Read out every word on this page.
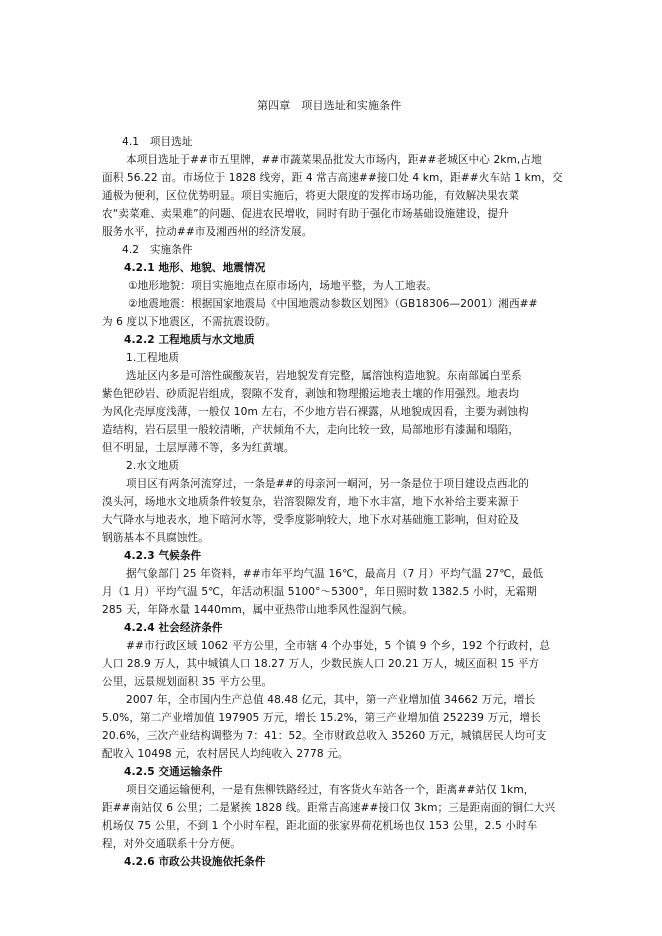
第四章　项目选址和实施条件

4.1　项目选址

本项目选址于##市五里牌，##市蔬菜果品批发大市场内，距##老城区中心 2km,占地

面积 56.22 亩。市场位于 1828 线旁，距 4 常吉高速##接口处 4 km，距##火车站 1 km，交

通极为便利，区位优势明显。项目实施后，将更大限度的发挥市场功能，有效解决果农菜

农“卖菜难、卖果难”的问题、促进农民增收，同时有助于强化市场基础设施建设，提升

服务水平，拉动##市及湘西州的经济发展。

4.2　实施条件

4.2.1 地形、地貌、地震情况

①地形地貌：项目实施地点在原市场内，场地平整，为人工地表。

②地震地震：根据国家地震局《中国地震动参数区划图》（GB18306—2001）湘西##

为 6 度以下地震区，不需抗震设防。

4.2.2 工程地质与水文地质

1.工程地质

选址区内多是可溶性碳酸灰岩，岩地貌发育完整，属溶蚀构造地貌。东南部属白垩系

紫色钯砂岩、砂质泥岩组成，裂隙不发育，剥蚀和物理搬运地表土壤的作用强烈。地表均

为风化壳厚度浅薄，一般仅 10m 左右，不少地方岩石裸露，从地貌成因看，主要为剥蚀构

造结构，岩石层里一般较清晰，产状倾角不大，走向比较一致，局部地形有漆漏和塌陷，

但不明显，土层厚薄不等，多为红黄壤。

2.水文地质

项目区有两条河流穿过，一条是##的母亲河一峒河，另一条是位于项目建设点西北的

溴头河，场地水文地质条件较复杂，岩溶裂隙发育，地下水丰富，地下水补给主要来源于

大气降水与地表水，地下暗河水等，受季度影响较大，地下水对基础施工影响，但对砼及

钢筋基本不具腐蚀性。

4.2.3 气候条件

据气象部门 25 年资料，##市年平均气温 16℃，最高月（7 月）平均气温 27℃，最低

月（1 月）平均气温 5℃，年活动积温 5100°～5300°，年日照时数 1382.5 小时，无霜期

285 天，年降水量 1440mm，属中亚热带山地季风性湿润气候。

4.2.4 社会经济条件

##市行政区域 1062 平方公里，全市辖 4 个办事处，5 个镇 9 个乡，192 个行政村，总

人口 28.9 万人，其中城镇人口 18.27 万人，少数民族人口 20.21 万人，城区面积 15 平方

公里，远景规划面积 35 平方公里。

2007 年，全市国内生产总值 48.48 亿元，其中，第一产业增加值 34662 万元，增长

5.0%，第二产业增加值 197905 万元，增长 15.2%，第三产业增加值 252239 万元，增长

20.6%，三次产业结构调整为 7：41：52。全市财政总收入 35260 万元，城镇居民人均可支

配收入 10498 元，农村居民人均纯收入 2778 元。

4.2.5 交通运输条件

项目交通运输便利，一是有焦柳铁路经过，有客货火车站各一个，距离##站仅 1km，

距##南站仅 6 公里；二是紧挨 1828 线。距常吉高速##接口仅 3km；三是距南面的铜仁大兴

机场仅 75 公里，不到 1 个小时车程，距北面的张家界荷花机场也仅 153 公里，2.5 小时车

程，对外交通联系十分方便。

4.2.6 市政公共设施依托条件
